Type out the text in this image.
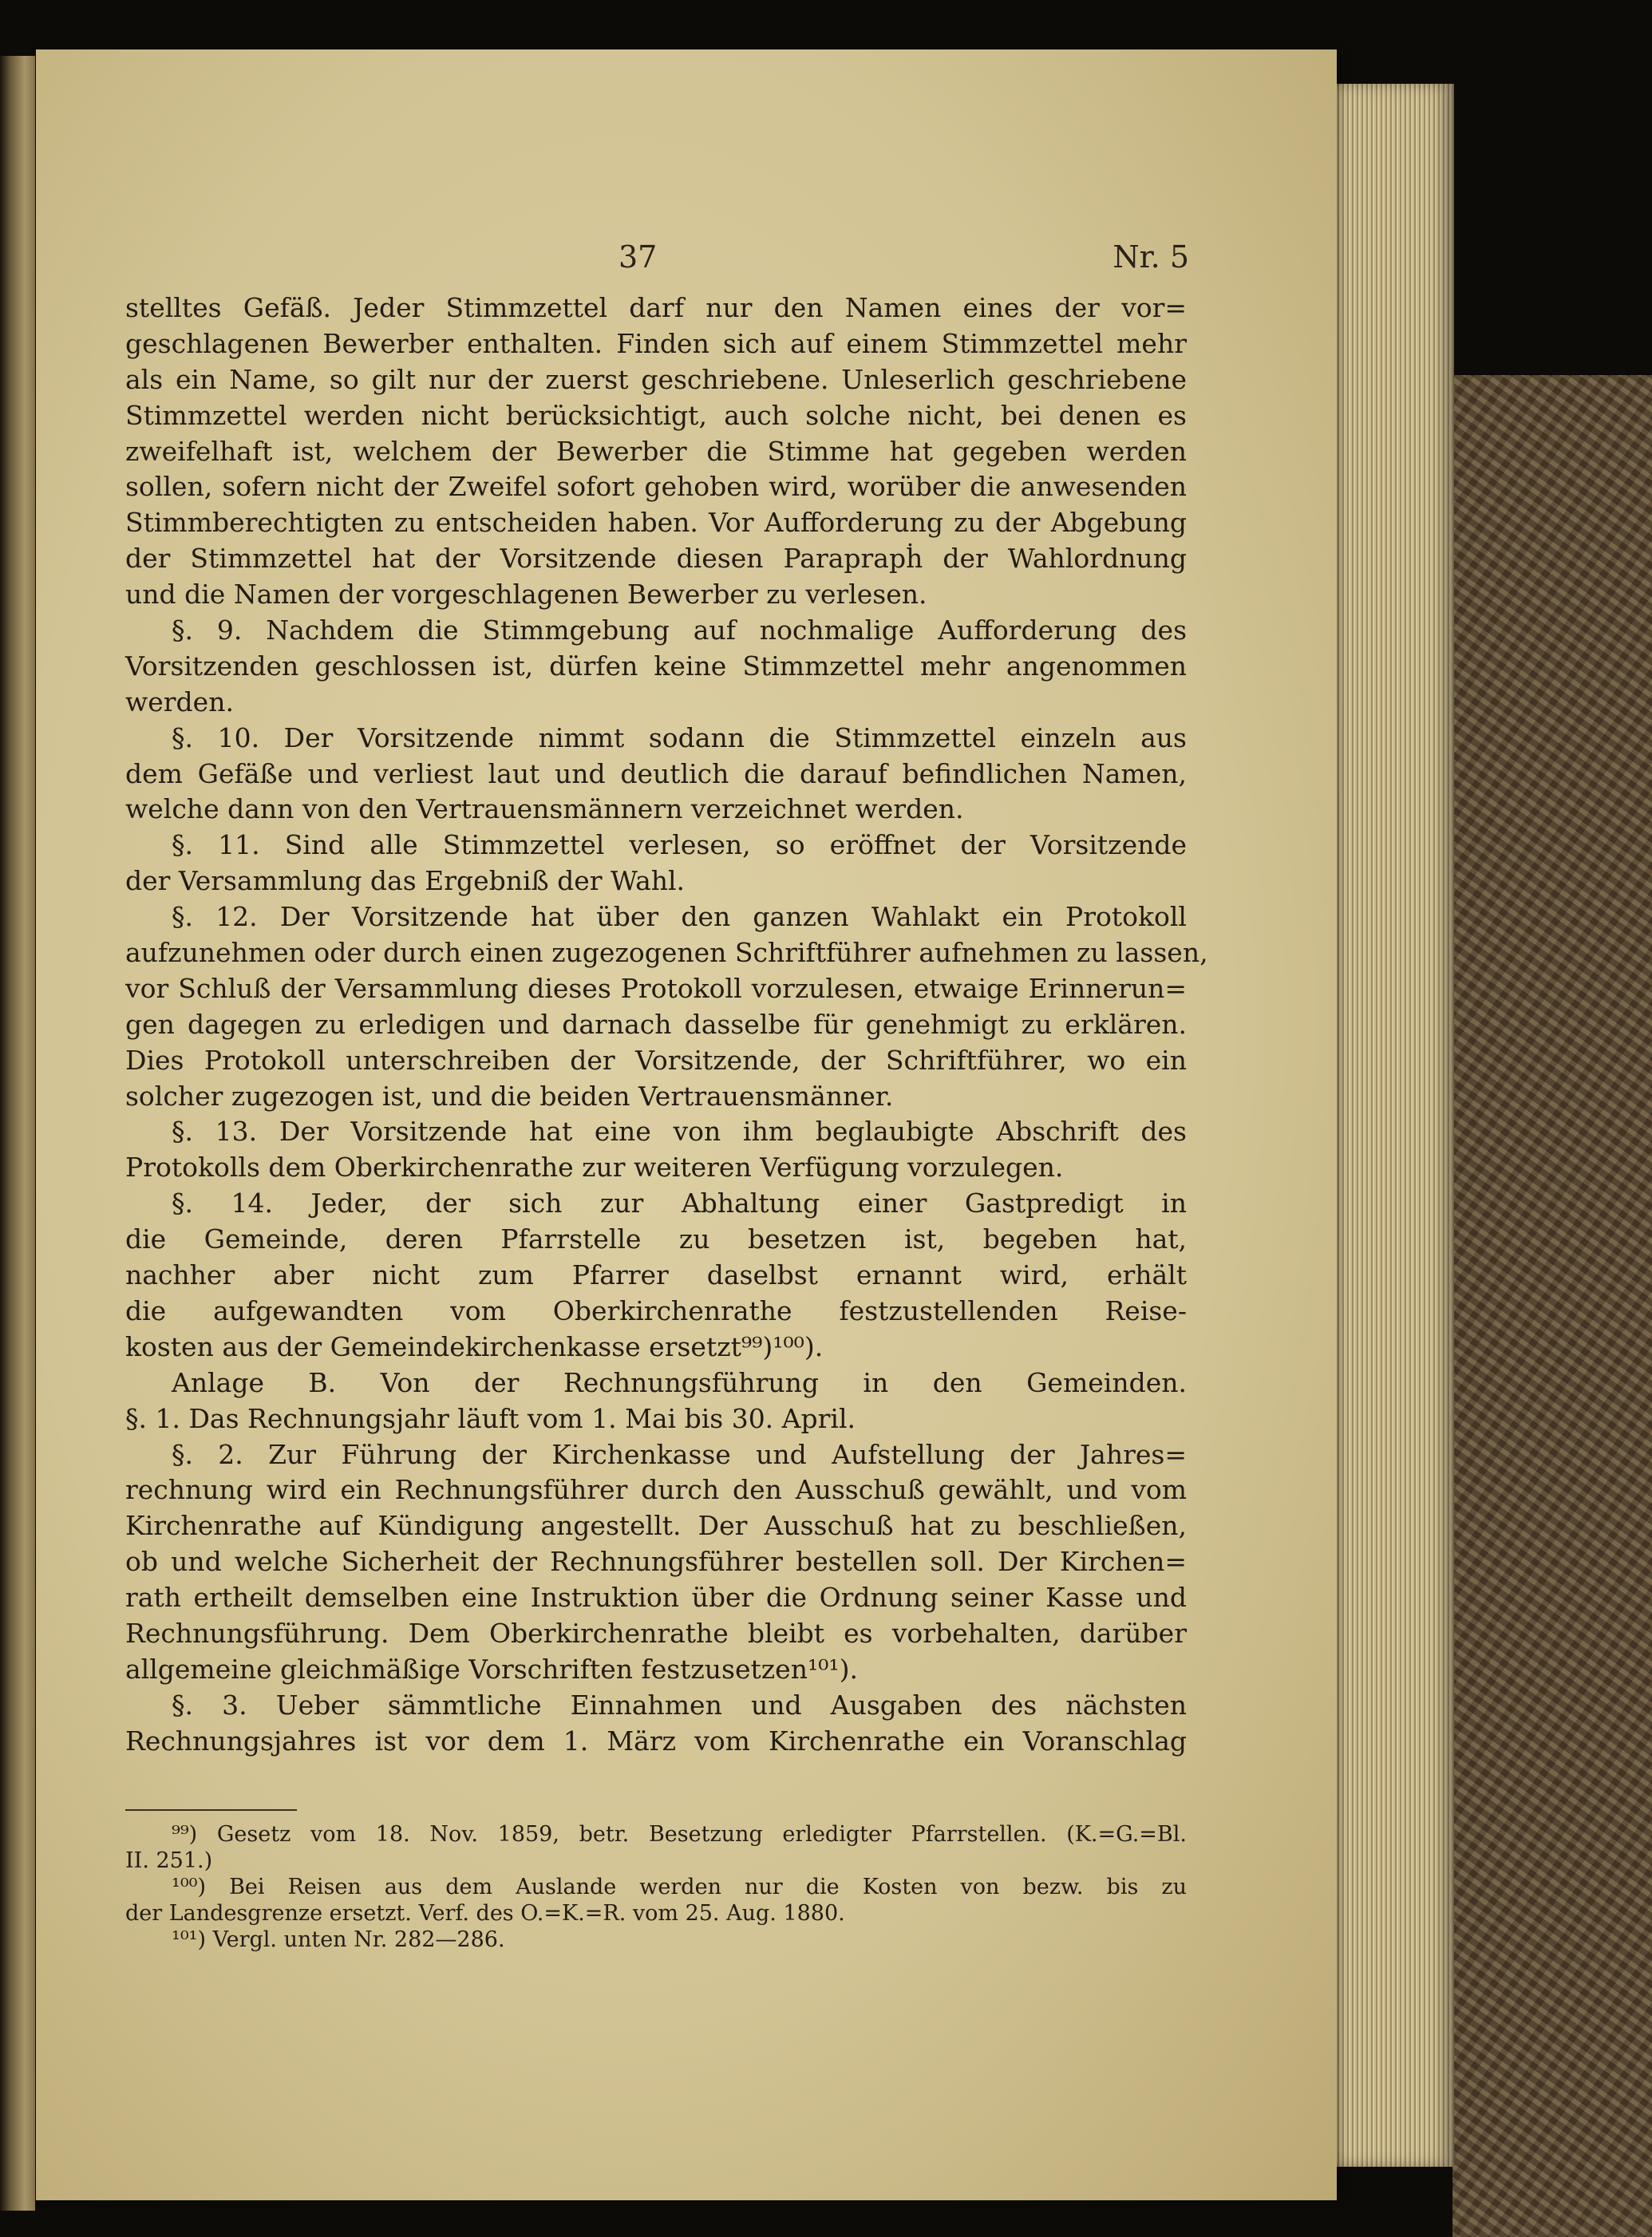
37	Nr. 5
stelltes Gefäß. Jeder Stimmzettel darf nur den Namen eines der vor=
geschlagenen Bewerber enthalten. Finden sich auf einem Stimmzettel mehr
als ein Name, so gilt nur der zuerst geschriebene. Unleserlich geschriebene
Stimmzettel werden nicht berücksichtigt, auch solche nicht, bei denen es
zweifelhaft ist, welchem der Bewerber die Stimme hat gegeben werden
sollen, sofern nicht der Zweifel sofort gehoben wird, worüber die anwesenden
Stimmberechtigten zu entscheiden haben. Vor Aufforderung zu der Abgebung
der Stimmzettel hat der Vorsitzende diesen Paraprapḣ der Wahlordnung
und die Namen der vorgeschlagenen Bewerber zu verlesen.
§. 9. Nachdem die Stimmgebung auf nochmalige Aufforderung des
Vorsitzenden geschlossen ist, dürfen keine Stimmzettel mehr angenommen
werden.
§. 10. Der Vorsitzende nimmt sodann die Stimmzettel einzeln aus
dem Gefäße und verliest laut und deutlich die darauf befindlichen Namen,
welche dann von den Vertrauensmännern verzeichnet werden.
§. 11. Sind alle Stimmzettel verlesen, so eröffnet der Vorsitzende
der Versammlung das Ergebniß der Wahl.
§. 12. Der Vorsitzende hat über den ganzen Wahlakt ein Protokoll
aufzunehmen oder durch einen zugezogenen Schriftführer aufnehmen zu lassen,
vor Schluß der Versammlung dieses Protokoll vorzulesen, etwaige Erinnerun=
gen dagegen zu erledigen und darnach dasselbe für genehmigt zu erklären.
Dies Protokoll unterschreiben der Vorsitzende, der Schriftführer, wo ein
solcher zugezogen ist, und die beiden Vertrauensmänner.
§. 13. Der Vorsitzende hat eine von ihm beglaubigte Abschrift des
Protokolls dem Oberkirchenrathe zur weiteren Verfügung vorzulegen.
§. 14. Jeder, der sich zur Abhaltung einer Gastpredigt in
die Gemeinde, deren Pfarrstelle zu besetzen ist, begeben hat,
nachher aber nicht zum Pfarrer daselbst ernannt wird, erhält
die aufgewandten vom Oberkirchenrathe festzustellenden Reise-
kosten aus der Gemeindekirchenkasse ersetzt⁹⁹)¹⁰⁰).
Anlage B. Von der Rechnungsführung in den Gemeinden.
§. 1. Das Rechnungsjahr läuft vom 1. Mai bis 30. April.
§. 2. Zur Führung der Kirchenkasse und Aufstellung der Jahres=
rechnung wird ein Rechnungsführer durch den Ausschuß gewählt, und vom
Kirchenrathe auf Kündigung angestellt. Der Ausschuß hat zu beschließen,
ob und welche Sicherheit der Rechnungsführer bestellen soll. Der Kirchen=
rath ertheilt demselben eine Instruktion über die Ordnung seiner Kasse und
Rechnungsführung. Dem Oberkirchenrathe bleibt es vorbehalten, darüber
allgemeine gleichmäßige Vorschriften festzusetzen¹⁰¹).
§. 3. Ueber sämmtliche Einnahmen und Ausgaben des nächsten
Rechnungsjahres ist vor dem 1. März vom Kirchenrathe ein Voranschlag
⁹⁹) Gesetz vom 18. Nov. 1859, betr. Besetzung erledigter Pfarrstellen. (K.=G.=Bl.
II. 251.)
¹⁰⁰) Bei Reisen aus dem Auslande werden nur die Kosten von bezw. bis zu
der Landesgrenze ersetzt. Verf. des O.=K.=R. vom 25. Aug. 1880.
¹⁰¹) Vergl. unten Nr. 282—286.
